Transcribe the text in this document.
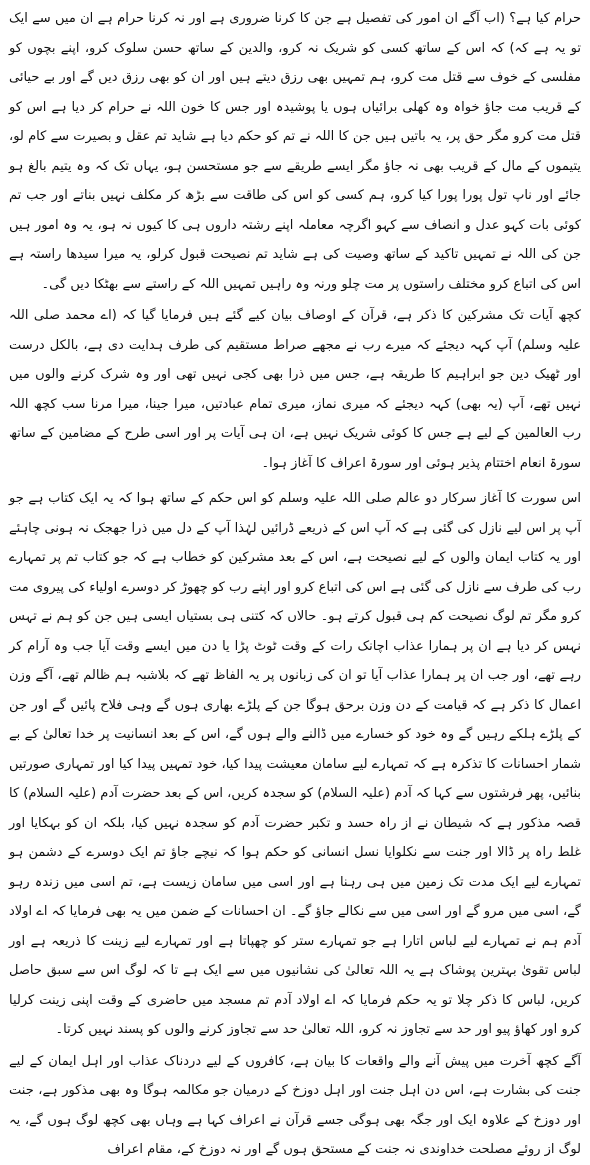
حرام کیا ہے؟ (اب آگے ان امور کی تفصیل ہے جن کا کرنا ضروری ہے اور نہ کرنا حرام ہے ان میں سے ایک تو یہ ہے کہ) کہ اس کے ساتھ کسی کو شریک نہ کرو، والدین کے ساتھ حسن سلوک کرو، اپنے بچوں کو مفلسی کے خوف سے قتل مت کرو، ہم تمہیں بھی رزق دیتے ہیں اور ان کو بھی رزق دیں گے اور بے حیائی کے قریب مت جاؤ خواہ وہ کھلی برائیاں ہوں یا پوشیدہ اور جس کا خون اللہ نے حرام کر دیا ہے اس کو قتل مت کرو مگر حق پر، یہ باتیں ہیں جن کا اللہ نے تم کو حکم دیا ہے شاید تم عقل و بصیرت سے کام لو، یتیموں کے مال کے قریب بھی نہ جاؤ مگر ایسے طریقے سے جو مستحسن ہو، یہاں تک کہ وہ یتیم بالغ ہو جائے اور ناپ تول پورا پورا کیا کرو، ہم کسی کو اس کی طاقت سے بڑھ کر مکلف نہیں بناتے اور جب تم کوئی بات کہو عدل و انصاف سے کہو اگرچہ معاملہ اپنے رشتہ داروں ہی کا کیوں نہ ہو، یہ وہ امور ہیں جن کی اللہ نے تمہیں تاکید کے ساتھ وصیت کی ہے شاید تم نصیحت قبول کرلو، یہ میرا سیدھا راستہ ہے اس کی اتباع کرو مختلف راستوں پر مت چلو ورنہ وہ راہیں تمہیں اللہ کے راستے سے بھٹکا دیں گی۔

کچھ آیات تک مشرکین کا ذکر ہے، قرآن کے اوصاف بیان کیے گئے ہیں فرمایا گیا کہ (اے محمد صلی اللہ علیہ وسلم) آپ کہہ دیجئے کہ میرے رب نے مجھے صراط مستقیم کی طرف ہدایت دی ہے، بالکل درست اور ٹھیک دین جو ابراہیم کا طریقہ ہے، جس میں ذرا بھی کجی نہیں تھی اور وہ شرک کرنے والوں میں نہیں تھے، آپ (یہ بھی) کہہ دیجئے کہ میری نماز، میری تمام عبادتیں، میرا جینا، میرا مرنا سب کچھ اللہ رب العالمین کے لیے ہے جس کا کوئی شریک نہیں ہے، ان ہی آیات پر اور اسی طرح کے مضامین کے ساتھ سورۃ انعام اختتام پذیر ہوئی اور سورۃ اعراف کا آغاز ہوا۔

اس سورت کا آغاز سرکار دو عالم صلی اللہ علیہ وسلم کو اس حکم کے ساتھ ہوا کہ یہ ایک کتاب ہے جو آپ پر اس لیے نازل کی گئی ہے کہ آپ اس کے ذریعے ڈرائیں لہٰذا آپ کے دل میں ذرا جھجک نہ ہونی چاہئے اور یہ کتاب ایمان والوں کے لیے نصیحت ہے، اس کے بعد مشرکین کو خطاب ہے کہ جو کتاب تم پر تمہارے رب کی طرف سے نازل کی گئی ہے اس کی اتباع کرو اور اپنے رب کو چھوڑ کر دوسرے اولیاء کی پیروی مت کرو مگر تم لوگ نصیحت کم ہی قبول کرتے ہو۔ حالاں کہ کتنی ہی بستیاں ایسی ہیں جن کو ہم نے تہس نہس کر دیا ہے ان پر ہمارا عذاب اچانک رات کے وقت ٹوٹ پڑا یا دن میں ایسے وقت آیا جب وہ آرام کر رہے تھے، اور جب ان پر ہمارا عذاب آیا تو ان کی زبانوں پر یہ الفاظ تھے کہ بلاشبہ ہم ظالم تھے، آگے وزن اعمال کا ذکر ہے کہ قیامت کے دن وزن برحق ہوگا جن کے پلڑے بھاری ہوں گے وہی فلاح پائیں گے اور جن کے پلڑے ہلکے رہیں گے وہ خود کو خسارے میں ڈالنے والے ہوں گے، اس کے بعد انسانیت پر خدا تعالیٰ کے بے شمار احسانات کا تذکرہ ہے کہ تمہارے لیے سامان معیشت پیدا کیا، خود تمہیں پیدا کیا اور تمہاری صورتیں بنائیں، پھر فرشتوں سے کہا کہ آدم (علیہ السلام) کو سجدہ کریں، اس کے بعد حضرت آدم (علیہ السلام) کا قصہ مذکور ہے کہ شیطان نے از راہ حسد و تکبر حضرت آدم کو سجدہ نہیں کیا، بلکہ ان کو بہکایا اور غلط راہ پر ڈالا اور جنت سے نکلوایا نسل انسانی کو حکم ہوا کہ نیچے جاؤ تم ایک دوسرے کے دشمن ہو تمہارے لیے ایک مدت تک زمین میں ہی رہنا ہے اور اسی میں سامان زیست ہے، تم اسی میں زندہ رہو گے، اسی میں مرو گے اور اسی میں سے نکالے جاؤ گے۔ ان احسانات کے ضمن میں یہ بھی فرمایا کہ اے اولاد آدم ہم نے تمہارے لیے لباس اتارا ہے جو تمہارے ستر کو چھپاتا ہے اور تمہارے لیے زینت کا ذریعہ ہے اور لباس تقویٰ بہترین پوشاک ہے یہ اللہ تعالیٰ کی نشانیوں میں سے ایک ہے تا کہ لوگ اس سے سبق حاصل کریں، لباس کا ذکر چلا تو یہ حکم فرمایا کہ اے اولاد آدم تم مسجد میں حاضری کے وقت اپنی زینت کرلیا کرو اور کھاؤ پیو اور حد سے تجاوز نہ کرو، اللہ تعالیٰ حد سے تجاوز کرنے والوں کو پسند نہیں کرتا۔

آگے کچھ آخرت میں پیش آنے والے واقعات کا بیان ہے، کافروں کے لیے دردناک عذاب اور اہل ایمان کے لیے جنت کی بشارت ہے، اس دن اہل جنت اور اہل دوزخ کے درمیان جو مکالمہ ہوگا وہ بھی مذکور ہے، جنت اور دوزخ کے علاوہ ایک اور جگہ بھی ہوگی جسے قرآن نے اعراف کہا ہے وہاں بھی کچھ لوگ ہوں گے، یہ لوگ از روئے مصلحت خداوندی نہ جنت کے مستحق ہوں گے اور نہ دوزخ کے، مقام اعراف
